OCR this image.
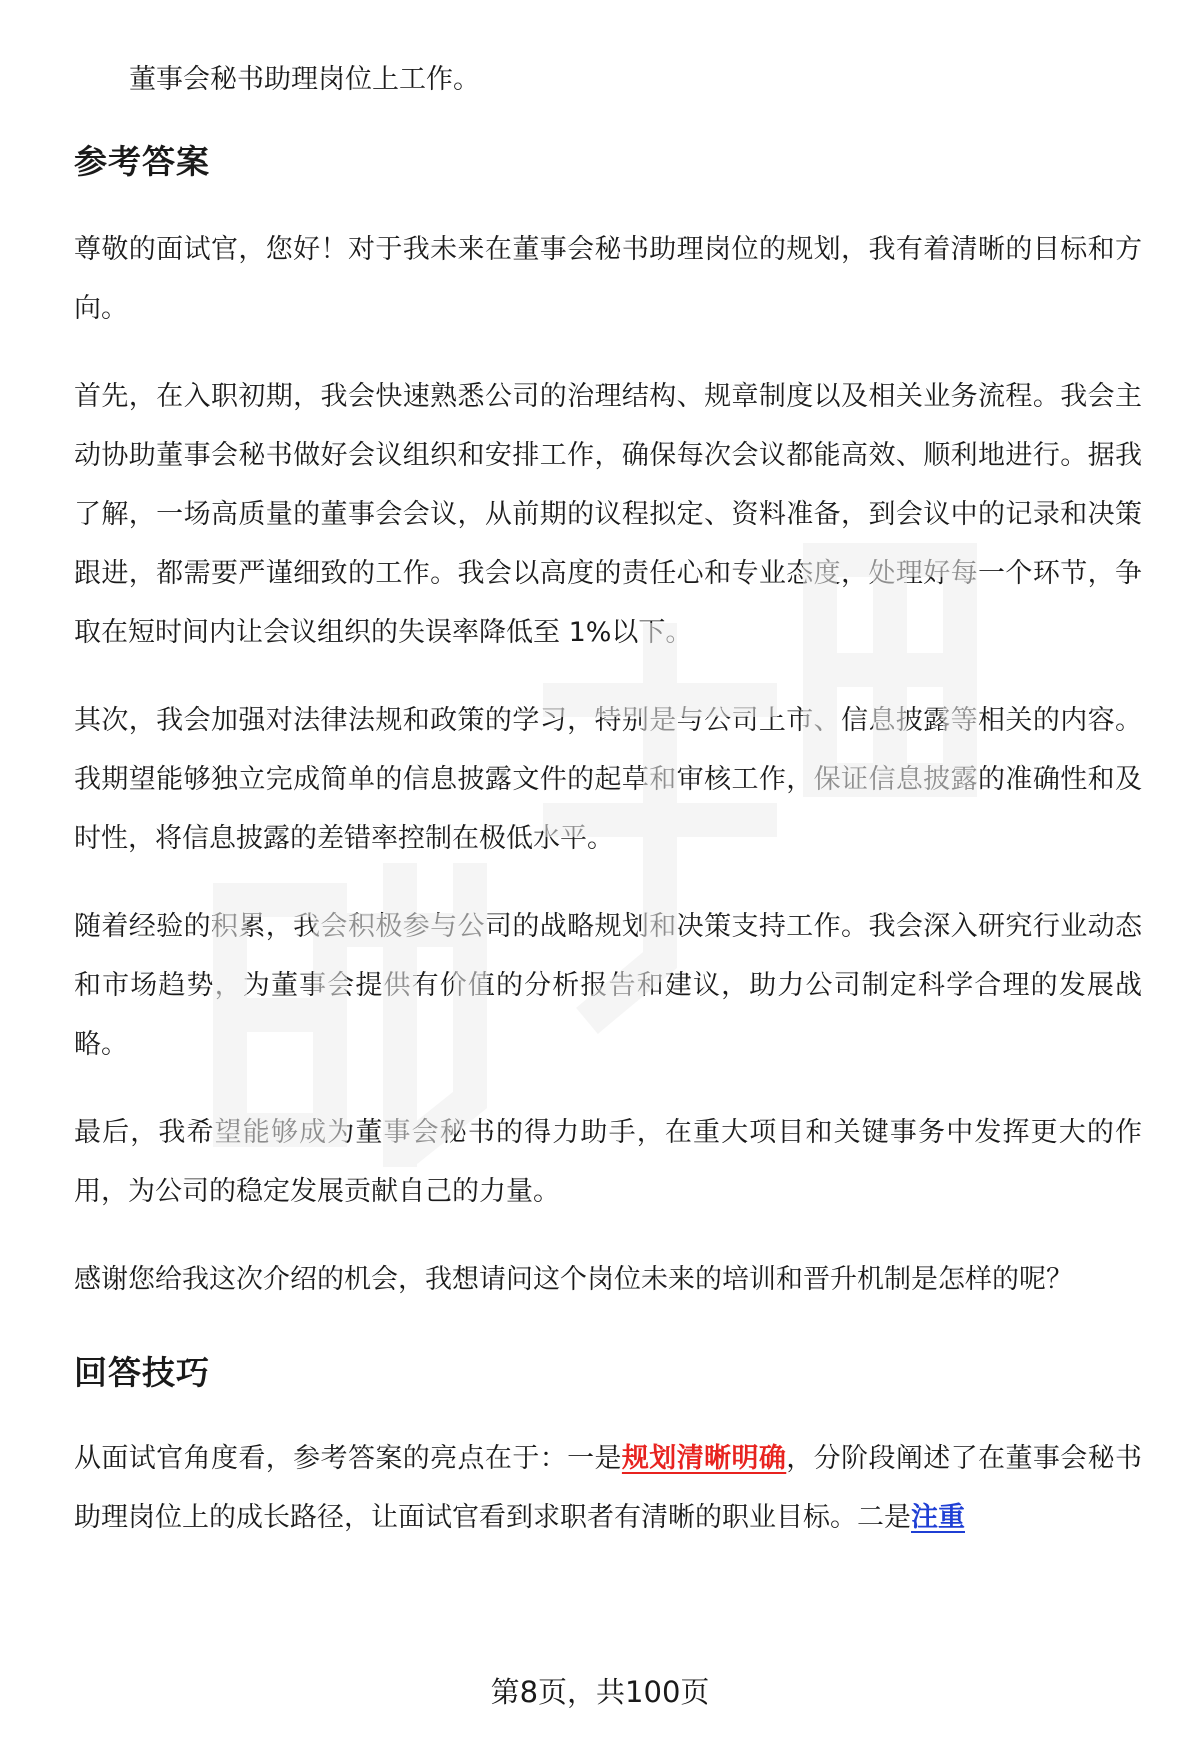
董事会秘书助理岗位上工作。
参考答案

尊敬的面试官，您好！对于我未来在董事会秘书助理岗位的规划，我有着清晰的目标和方向。

首先，在入职初期，我会快速熟悉公司的治理结构、规章制度以及相关业务流程。我会主动协助董事会秘书做好会议组织和安排工作，确保每次会议都能高效、顺利地进行。据我了解，一场高质量的董事会会议，从前期的议程拟定、资料准备，到会议中的记录和决策跟进，都需要严谨细致的工作。我会以高度的责任心和专业态度，处理好每一个环节，争取在短时间内让会议组织的失误率降低至 1%以下。

其次，我会加强对法律法规和政策的学习，特别是与公司上市、信息披露等相关的内容。我期望能够独立完成简单的信息披露文件的起草和审核工作，保证信息披露的准确性和及时性，将信息披露的差错率控制在极低水平。

随着经验的积累，我会积极参与公司的战略规划和决策支持工作。我会深入研究行业动态和市场趋势，为董事会提供有价值的分析报告和建议，助力公司制定科学合理的发展战略。

最后，我希望能够成为董事会秘书的得力助手，在重大项目和关键事务中发挥更大的作用，为公司的稳定发展贡献自己的力量。

感谢您给我这次介绍的机会，我想请问这个岗位未来的培训和晋升机制是怎样的呢？

回答技巧

从面试官角度看，参考答案的亮点在于：一是规划清晰明确，分阶段阐述了在董事会秘书助理岗位上的成长路径，让面试官看到求职者有清晰的职业目标。二是注重

第8页，共100页
